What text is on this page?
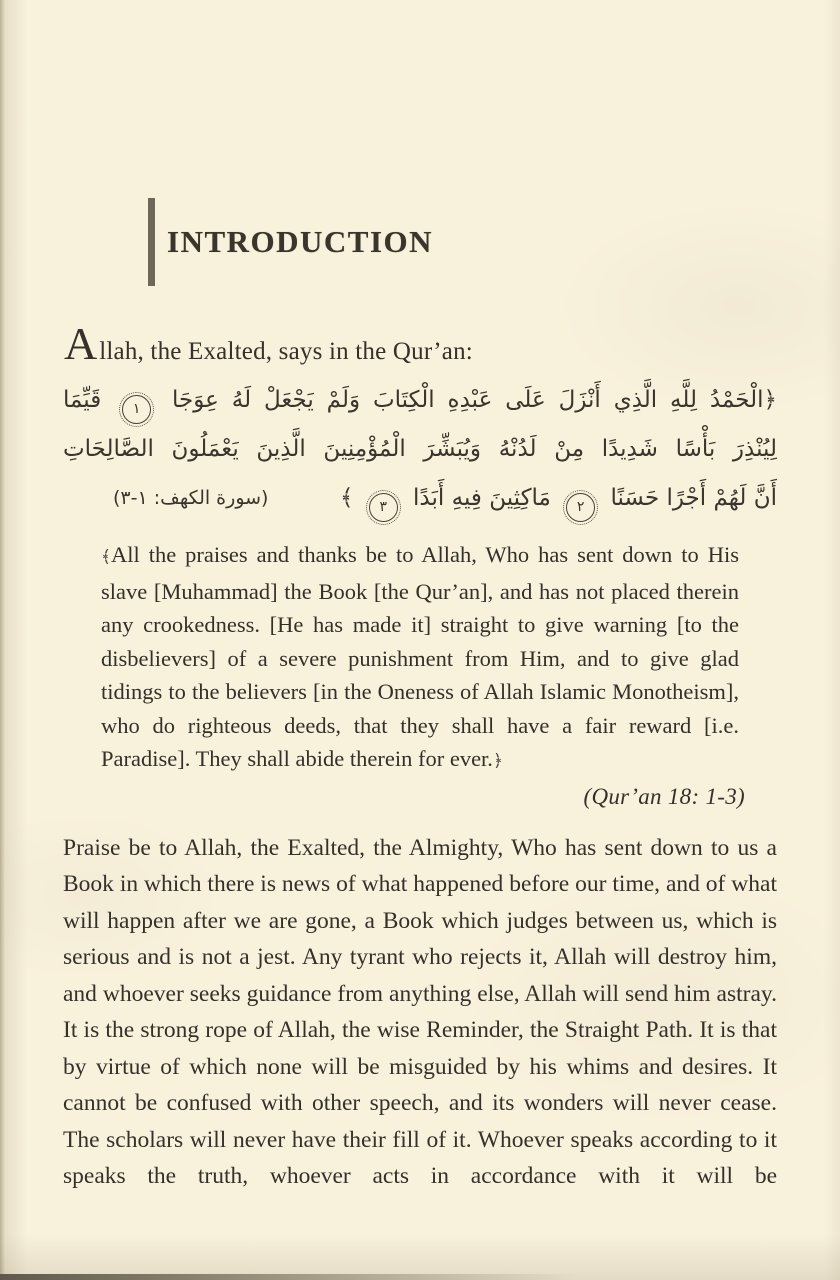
INTRODUCTION

Allah, the Exalted, says in the Qur’an:

﴿الْحَمْدُ لِلَّهِ الَّذِي أَنْزَلَ عَلَى عَبْدِهِ الْكِتَابَ وَلَمْ يَجْعَلْ لَهُ عِوَجَا ١ قَيِّمَا
لِيُنْذِرَ بَأْسًا شَدِيدًا مِنْ لَدُنْهُ وَيُبَشِّرَ الْمُؤْمِنِينَ الَّذِينَ يَعْمَلُونَ الصَّالِحَاتِ
أَنَّ لَهُمْ أَجْرًا حَسَنًا ٢ مَاكِثِينَ فِيهِ أَبَدًا ٣ ﴾
(سورة الكهف: ١-٣)
﴾All the praises and thanks be to Allah, Who has sent down to His slave [Muhammad] the Book [the Qur’an], and has not placed therein any crookedness. [He has made it] straight to give warning [to the disbelievers] of a severe punishment from Him, and to give glad tidings to the believers [in the Oneness of Allah Islamic Monotheism], who do righteous deeds, that they shall have a fair reward [i.e. Paradise]. They shall abide therein for ever.﴿

(Qur’an 18: 1-3)

Praise be to Allah, the Exalted, the Almighty, Who has sent down to us a Book in which there is news of what happened before our time, and of what will happen after we are gone, a Book which judges between us, which is serious and is not a jest. Any tyrant who rejects it, Allah will destroy him, and whoever seeks guidance from anything else, Allah will send him astray. It is the strong rope of Allah, the wise Reminder, the Straight Path. It is that by virtue of which none will be misguided by his whims and desires. It cannot be confused with other speech, and its wonders will never cease. The scholars will never have their fill of it. Whoever speaks according to it speaks the truth, whoever acts in accordance with it will be
